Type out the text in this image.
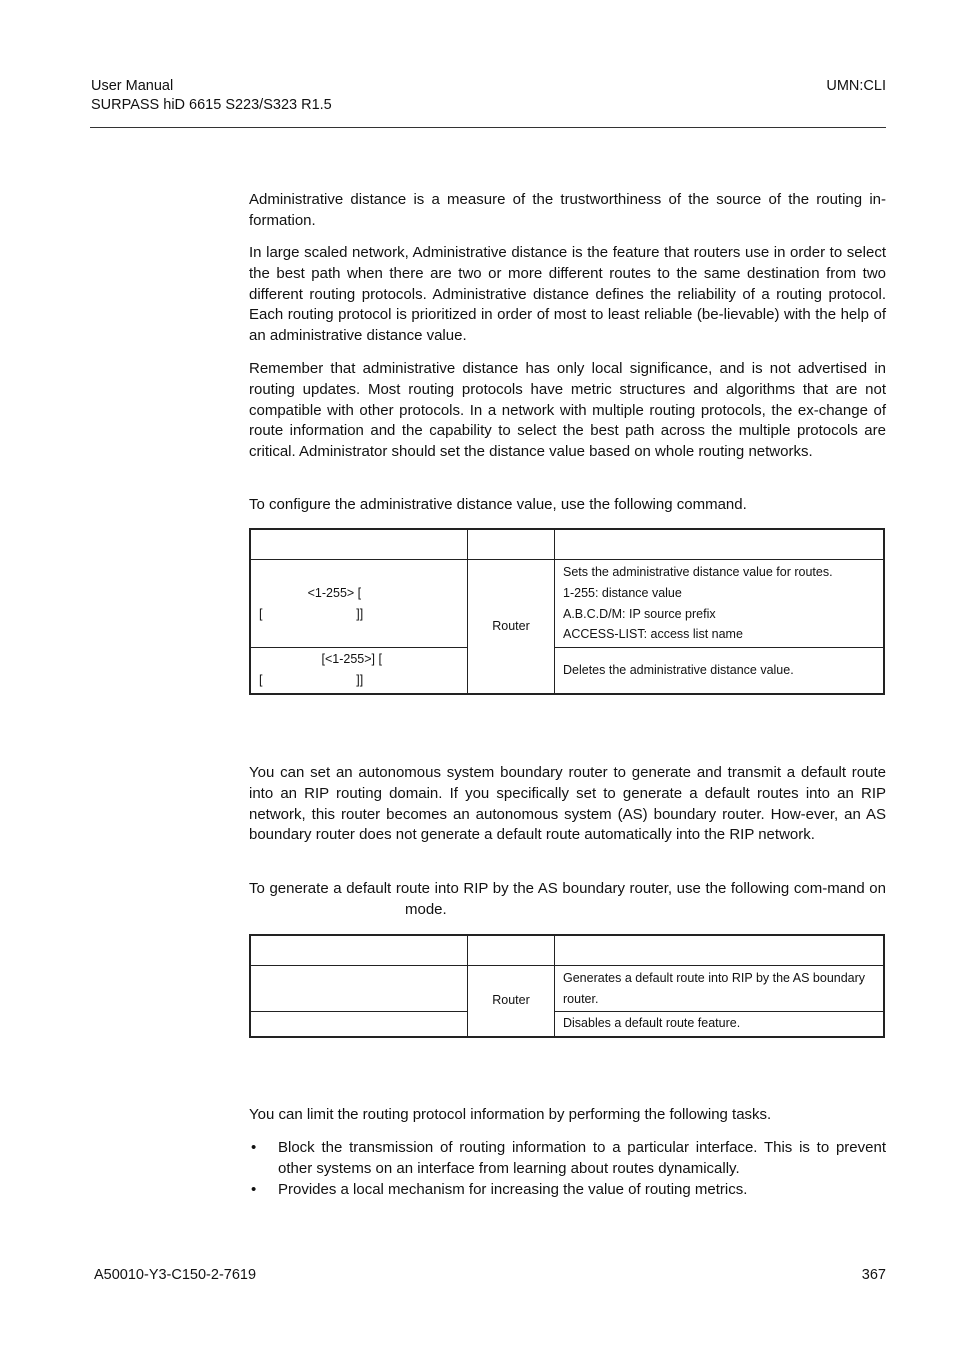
User Manual
SURPASS hiD 6615 S223/S323 R1.5
UMN:CLI

Administrative distance is a measure of the trustworthiness of the source of the routing in-formation.

In large scaled network, Administrative distance is the feature that routers use in order to select the best path when there are two or more different routes to the same destination from two different routing protocols. Administrative distance defines the reliability of a routing protocol. Each routing protocol is prioritized in order of most to least reliable (be-lievable) with the help of an administrative distance value.

Remember that administrative distance has only local significance, and is not advertised in routing updates. Most routing protocols have metric structures and algorithms that are not compatible with other protocols. In a network with multiple routing protocols, the ex-change of route information and the capability to select the best path across the multiple protocols are critical. Administrator should set the distance value based on whole routing networks.

To configure the administrative distance value, use the following command.

<1-255> [
[ ]]	Router	Sets the administrative distance value for routes.
1-255: distance value
A.B.C.D/M: IP source prefix
ACCESS-LIST: access list name

[<1-255>] [
[ ]]		Deletes the administrative distance value.

You can set an autonomous system boundary router to generate and transmit a default route into an RIP routing domain. If you specifically set to generate a default routes into an RIP network, this router becomes an autonomous system (AS) boundary router. How-ever, an AS boundary router does not generate a default route automatically into the RIP network.

To generate a default route into RIP by the AS boundary router, use the following com-mand onmode.

	Router	Generates a default route into RIP by the AS boundary router.
		Disables a default route feature.

You can limit the routing protocol information by performing the following tasks.

• Block the transmission of routing information to a particular interface. This is to prevent other systems on an interface from learning about routes dynamically.
• Provides a local mechanism for increasing the value of routing metrics.
A50010-Y3-C150-2-7619	367
